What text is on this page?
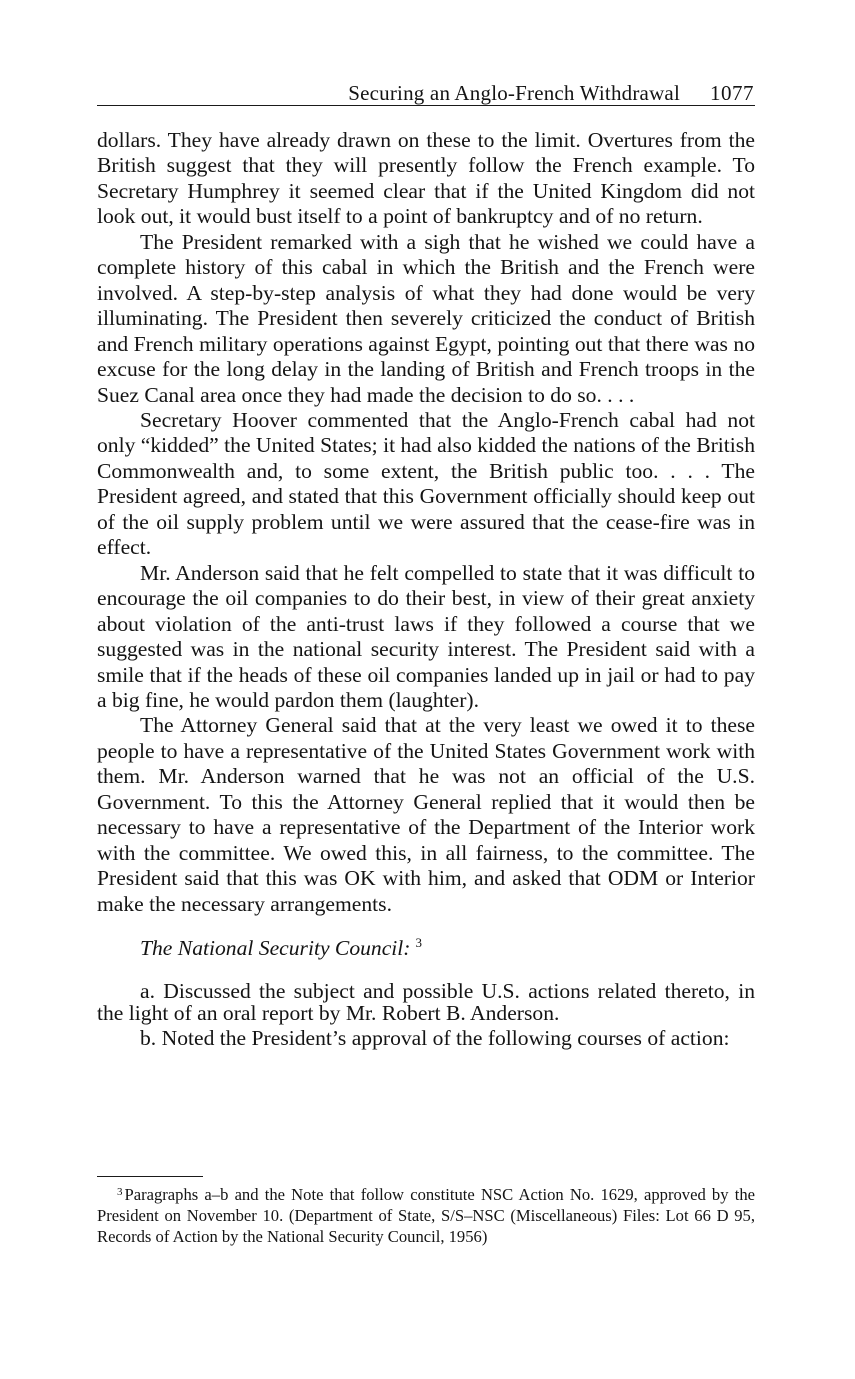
Securing an Anglo-French Withdrawal 1077

dollars. They have already drawn on these to the limit. Overtures from the British suggest that they will presently follow the French example. To Secretary Humphrey it seemed clear that if the United Kingdom did not look out, it would bust itself to a point of bankruptcy and of no return.

The President remarked with a sigh that he wished we could have a complete history of this cabal in which the British and the French were involved. A step-by-step analysis of what they had done would be very illuminating. The President then severely criticized the conduct of British and French military operations against Egypt, pointing out that there was no excuse for the long delay in the landing of British and French troops in the Suez Canal area once they had made the decision to do so. . . .

Secretary Hoover commented that the Anglo-French cabal had not only “kidded” the United States; it had also kidded the nations of the British Commonwealth and, to some extent, the British public too. . . . The President agreed, and stated that this Government officially should keep out of the oil supply problem until we were assured that the cease-fire was in effect.

Mr. Anderson said that he felt compelled to state that it was difficult to encourage the oil companies to do their best, in view of their great anxiety about violation of the anti-trust laws if they followed a course that we suggested was in the national security interest. The President said with a smile that if the heads of these oil companies landed up in jail or had to pay a big fine, he would pardon them (laughter).

The Attorney General said that at the very least we owed it to these people to have a representative of the United States Government work with them. Mr. Anderson warned that he was not an official of the U.S. Government. To this the Attorney General replied that it would then be necessary to have a representative of the Department of the Interior work with the committee. We owed this, in all fairness, to the committee. The President said that this was OK with him, and asked that ODM or Interior make the necessary arrangements.

The National Security Council: $^3$

a. Discussed the subject and possible U.S. actions related thereto, in the light of an oral report by Mr. Robert B. Anderson.

b. Noted the President’s approval of the following courses of action:

$^3$ Paragraphs a–b and the Note that follow constitute NSC Action No. 1629, approved by the President on November 10. (Department of State, S/S–NSC (Miscellaneous) Files: Lot 66 D 95, Records of Action by the National Security Council, 1956)
